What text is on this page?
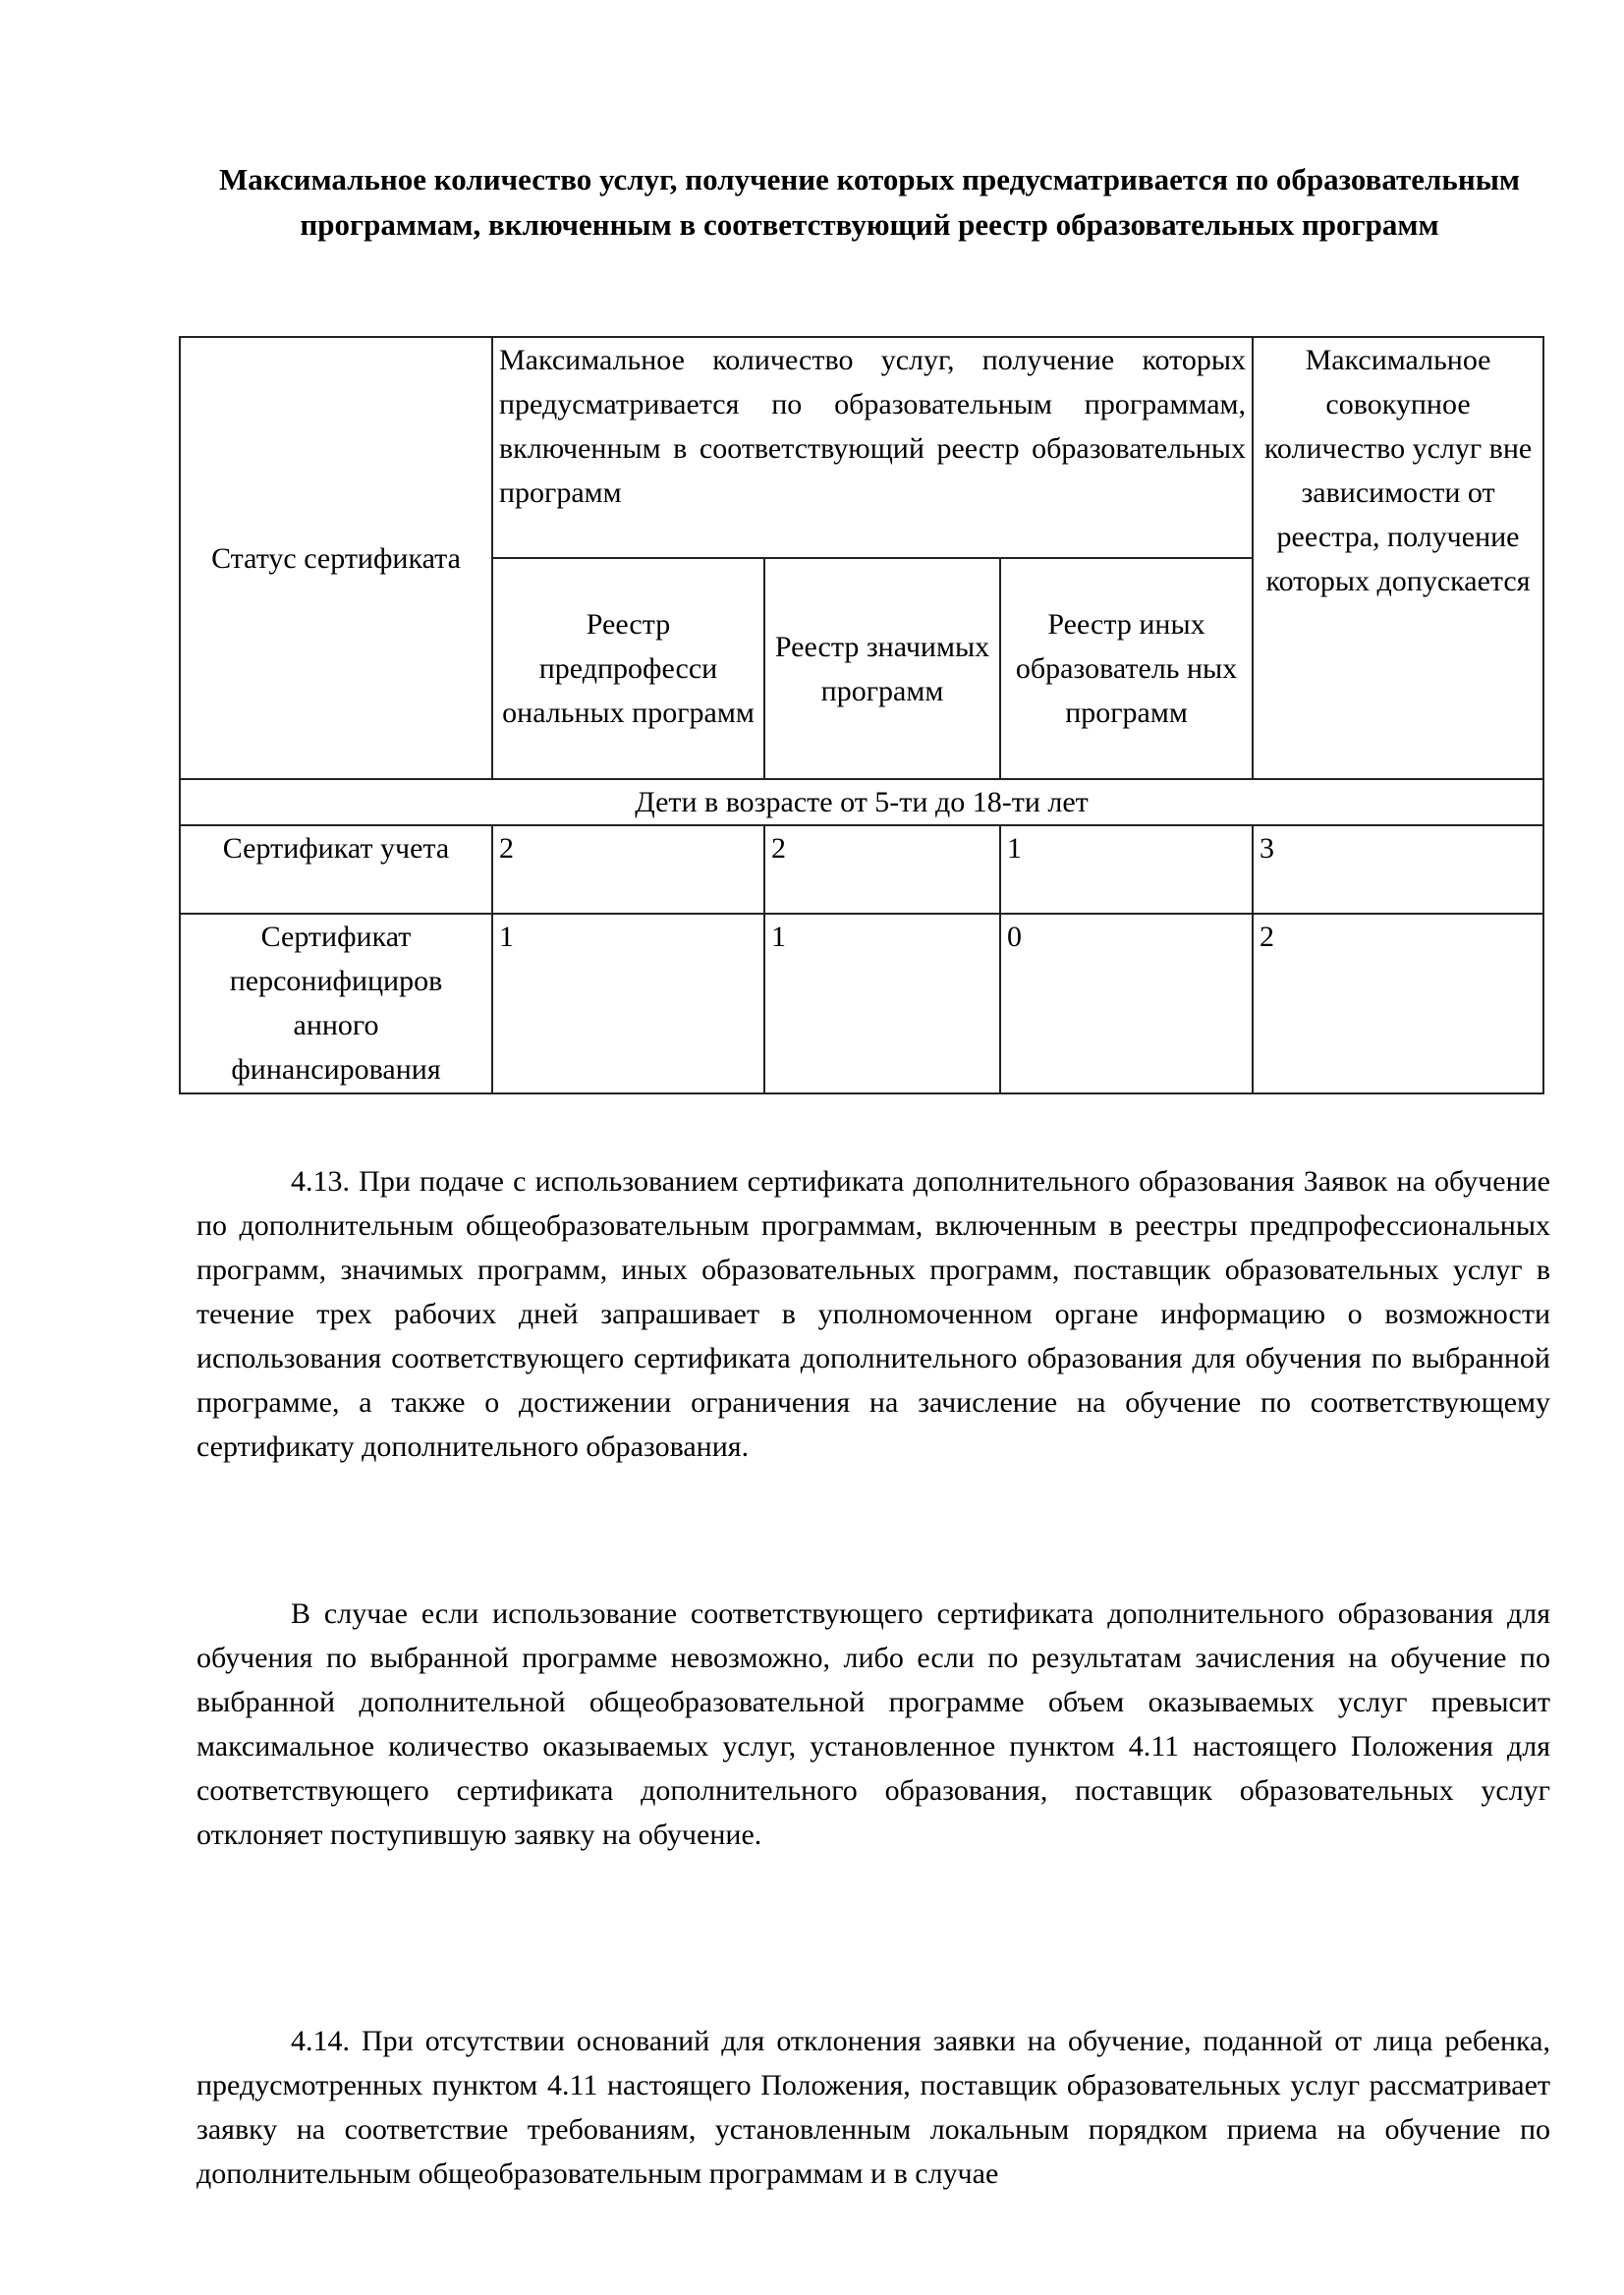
Максимальное количество услуг, получение которых предусматривается по образовательным программам, включенным в соответствующий реестр образовательных программ
Статус сертификата	Максимальное количество услуг, получение которых предусматривается по образовательным программам, включенным в соответствующий реестр образовательных программ			Максимальное совокупное количество услуг вне зависимости от реестра, получение которых допускается
	Реестр предпрофесси ональных программ	Реестр значимых программ	Реестр иных образователь ных программ	
Дети в возрасте от 5-ти до 18-ти лет				
Сертификат учета	2	2	1	3
Сертификат персонифициров анного финансирования	1	1	0	2

4.13. При подаче с использованием сертификата дополнительного образования Заявок на обучение по дополнительным общеобразовательным программам, включенным в реестры предпрофессиональных программ, значимых программ, иных образовательных программ, поставщик образовательных услуг в течение трех рабочих дней запрашивает в уполномоченном органе информацию о возможности использования соответствующего сертификата дополнительного образования для обучения по выбранной программе, а также о достижении ограничения на зачисление на обучение по соответствующему сертификату дополнительного образования.

В случае если использование соответствующего сертификата дополнительного образования для обучения по выбранной программе невозможно, либо если по результатам зачисления на обучение по выбранной дополнительной общеобразовательной программе объем оказываемых услуг превысит максимальное количество оказываемых услуг, установленное пунктом 4.11 настоящего Положения для соответствующего сертификата дополнительного образования, поставщик образовательных услуг отклоняет поступившую заявку на обучение.

4.14. При отсутствии оснований для отклонения заявки на обучение, поданной от лица ребенка, предусмотренных пунктом 4.11 настоящего Положения, поставщик образовательных услуг рассматривает заявку на соответствие требованиям, установленным локальным порядком приема на обучение по дополнительным общеобразовательным программам и в случае
